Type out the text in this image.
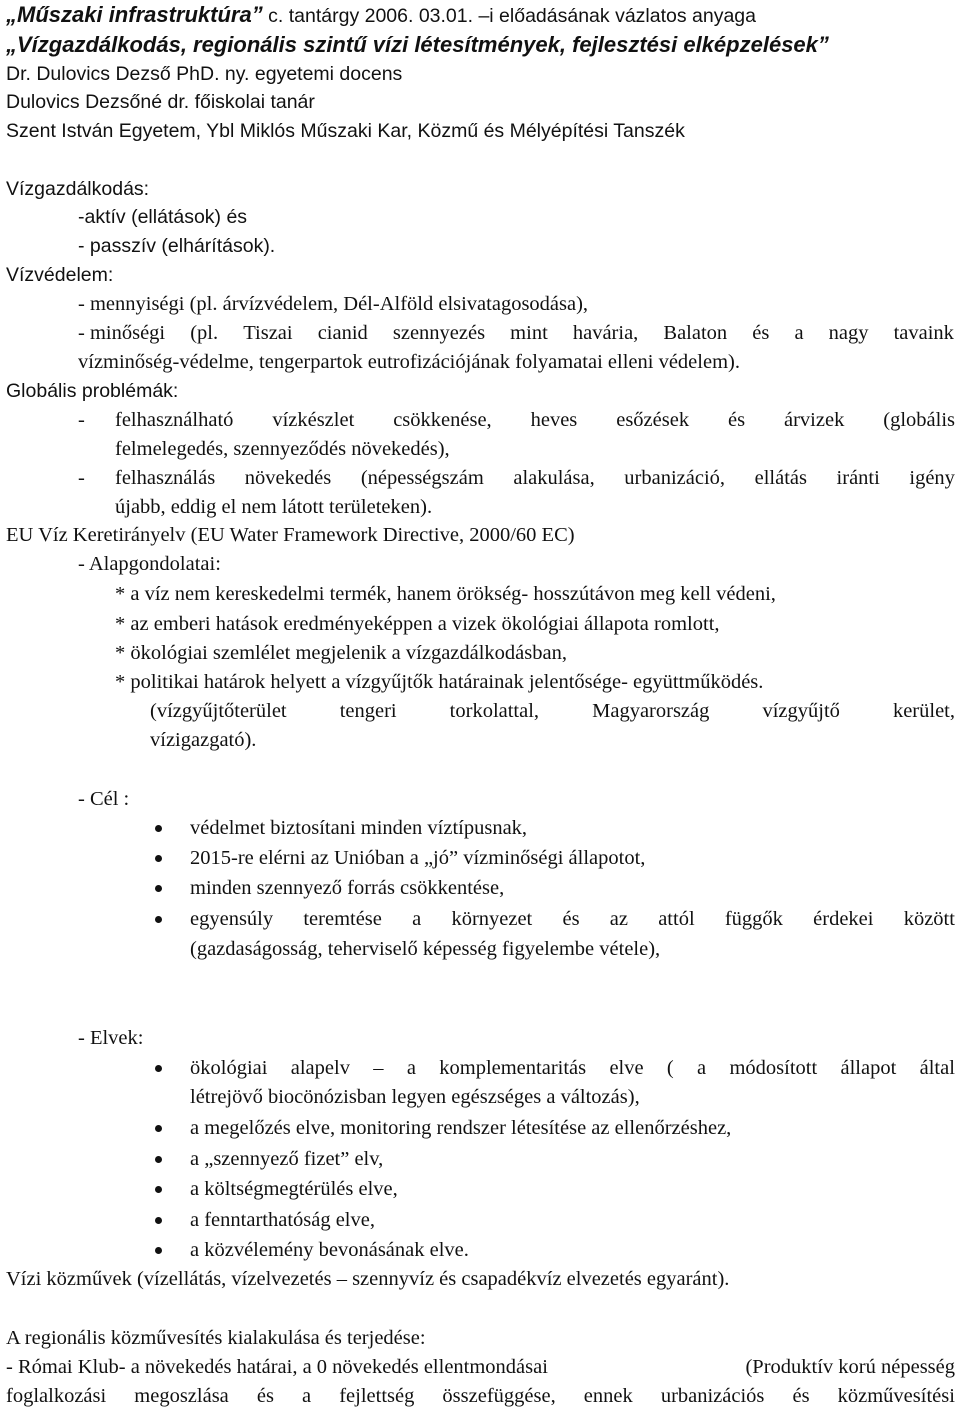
„Műszaki infrastruktúra” c. tantárgy 2006. 03.01. –i előadásának vázlatos anyaga
„Vízgazdálkodás, regionális szintű vízi létesítmények, fejlesztési elképzelések”
Dr. Dulovics Dezső PhD. ny. egyetemi docens
Dulovics Dezsőné dr. főiskolai tanár
Szent István Egyetem, Ybl Miklós Műszaki Kar, Közmű és Mélyépítési Tanszék
Vízgazdálkodás:
-aktív (ellátások) és
- passzív (elhárítások).
Vízvédelem:
- mennyiségi (pl. árvízvédelem, Dél-Alföld elsivatagosodása),
- minőségi (pl. Tiszai cianid szennyezés mint havária, Balaton és a nagy tavaink
vízminőség-védelme, tengerpartok eutrofizációjának folyamatai elleni védelem).
Globális problémák:
- felhasználható vízkészlet csökkenése, heves esőzések és árvizek (globális
felmelegedés, szennyeződés növekedés),
- felhasználás növekedés (népességszám alakulása, urbanizáció, ellátás iránti igény
újabb, eddig el nem látott területeken).
EU Víz Keretirányelv (EU Water Framework Directive, 2000/60 EC)
- Alapgondolatai:
* a víz nem kereskedelmi termék, hanem örökség- hosszútávon meg kell védeni,
* az emberi hatások eredményeképpen a vizek ökológiai állapota romlott,
* ökológiai szemlélet megjelenik a vízgazdálkodásban,
* politikai határok helyett a vízgyűjtők határainak jelentősége- együttműködés.
(vízgyűjtőterület	tengeri	torkolattal,	Magyarország	vízgyűjtő	kerület,
vízigazgató).
- Cél :
védelmet biztosítani minden víztípusnak,
2015-re elérni az Unióban a „jó” vízminőségi állapotot,
minden szennyező forrás csökkentése,
egyensúly teremtése a környezet és az attól függők érdekei között
(gazdaságosság, teherviselő képesség figyelembe vétele),
- Elvek:
ökológiai alapelv – a komplementaritás elve ( a módosított állapot által
létrejövő biocönózisban legyen egészséges a változás),
a megelőzés elve, monitoring rendszer létesítése az ellenőrzéshez,
a „szennyező fizet” elv,
a költségmegtérülés elve,
a fenntarthatóság elve,
a közvélemény bevonásának elve.
Vízi közművek (vízellátás, vízelvezetés – szennyvíz és csapadékvíz elvezetés egyaránt).
A regionális közművesítés kialakulása és terjedése:
- Római Klub- a növekedés határai, a 0 növekedés ellentmondásai	(Produktív korú népesség
foglalkozási megoszlása és a fejlettség összefüggése, ennek urbanizációs és közművesítési
